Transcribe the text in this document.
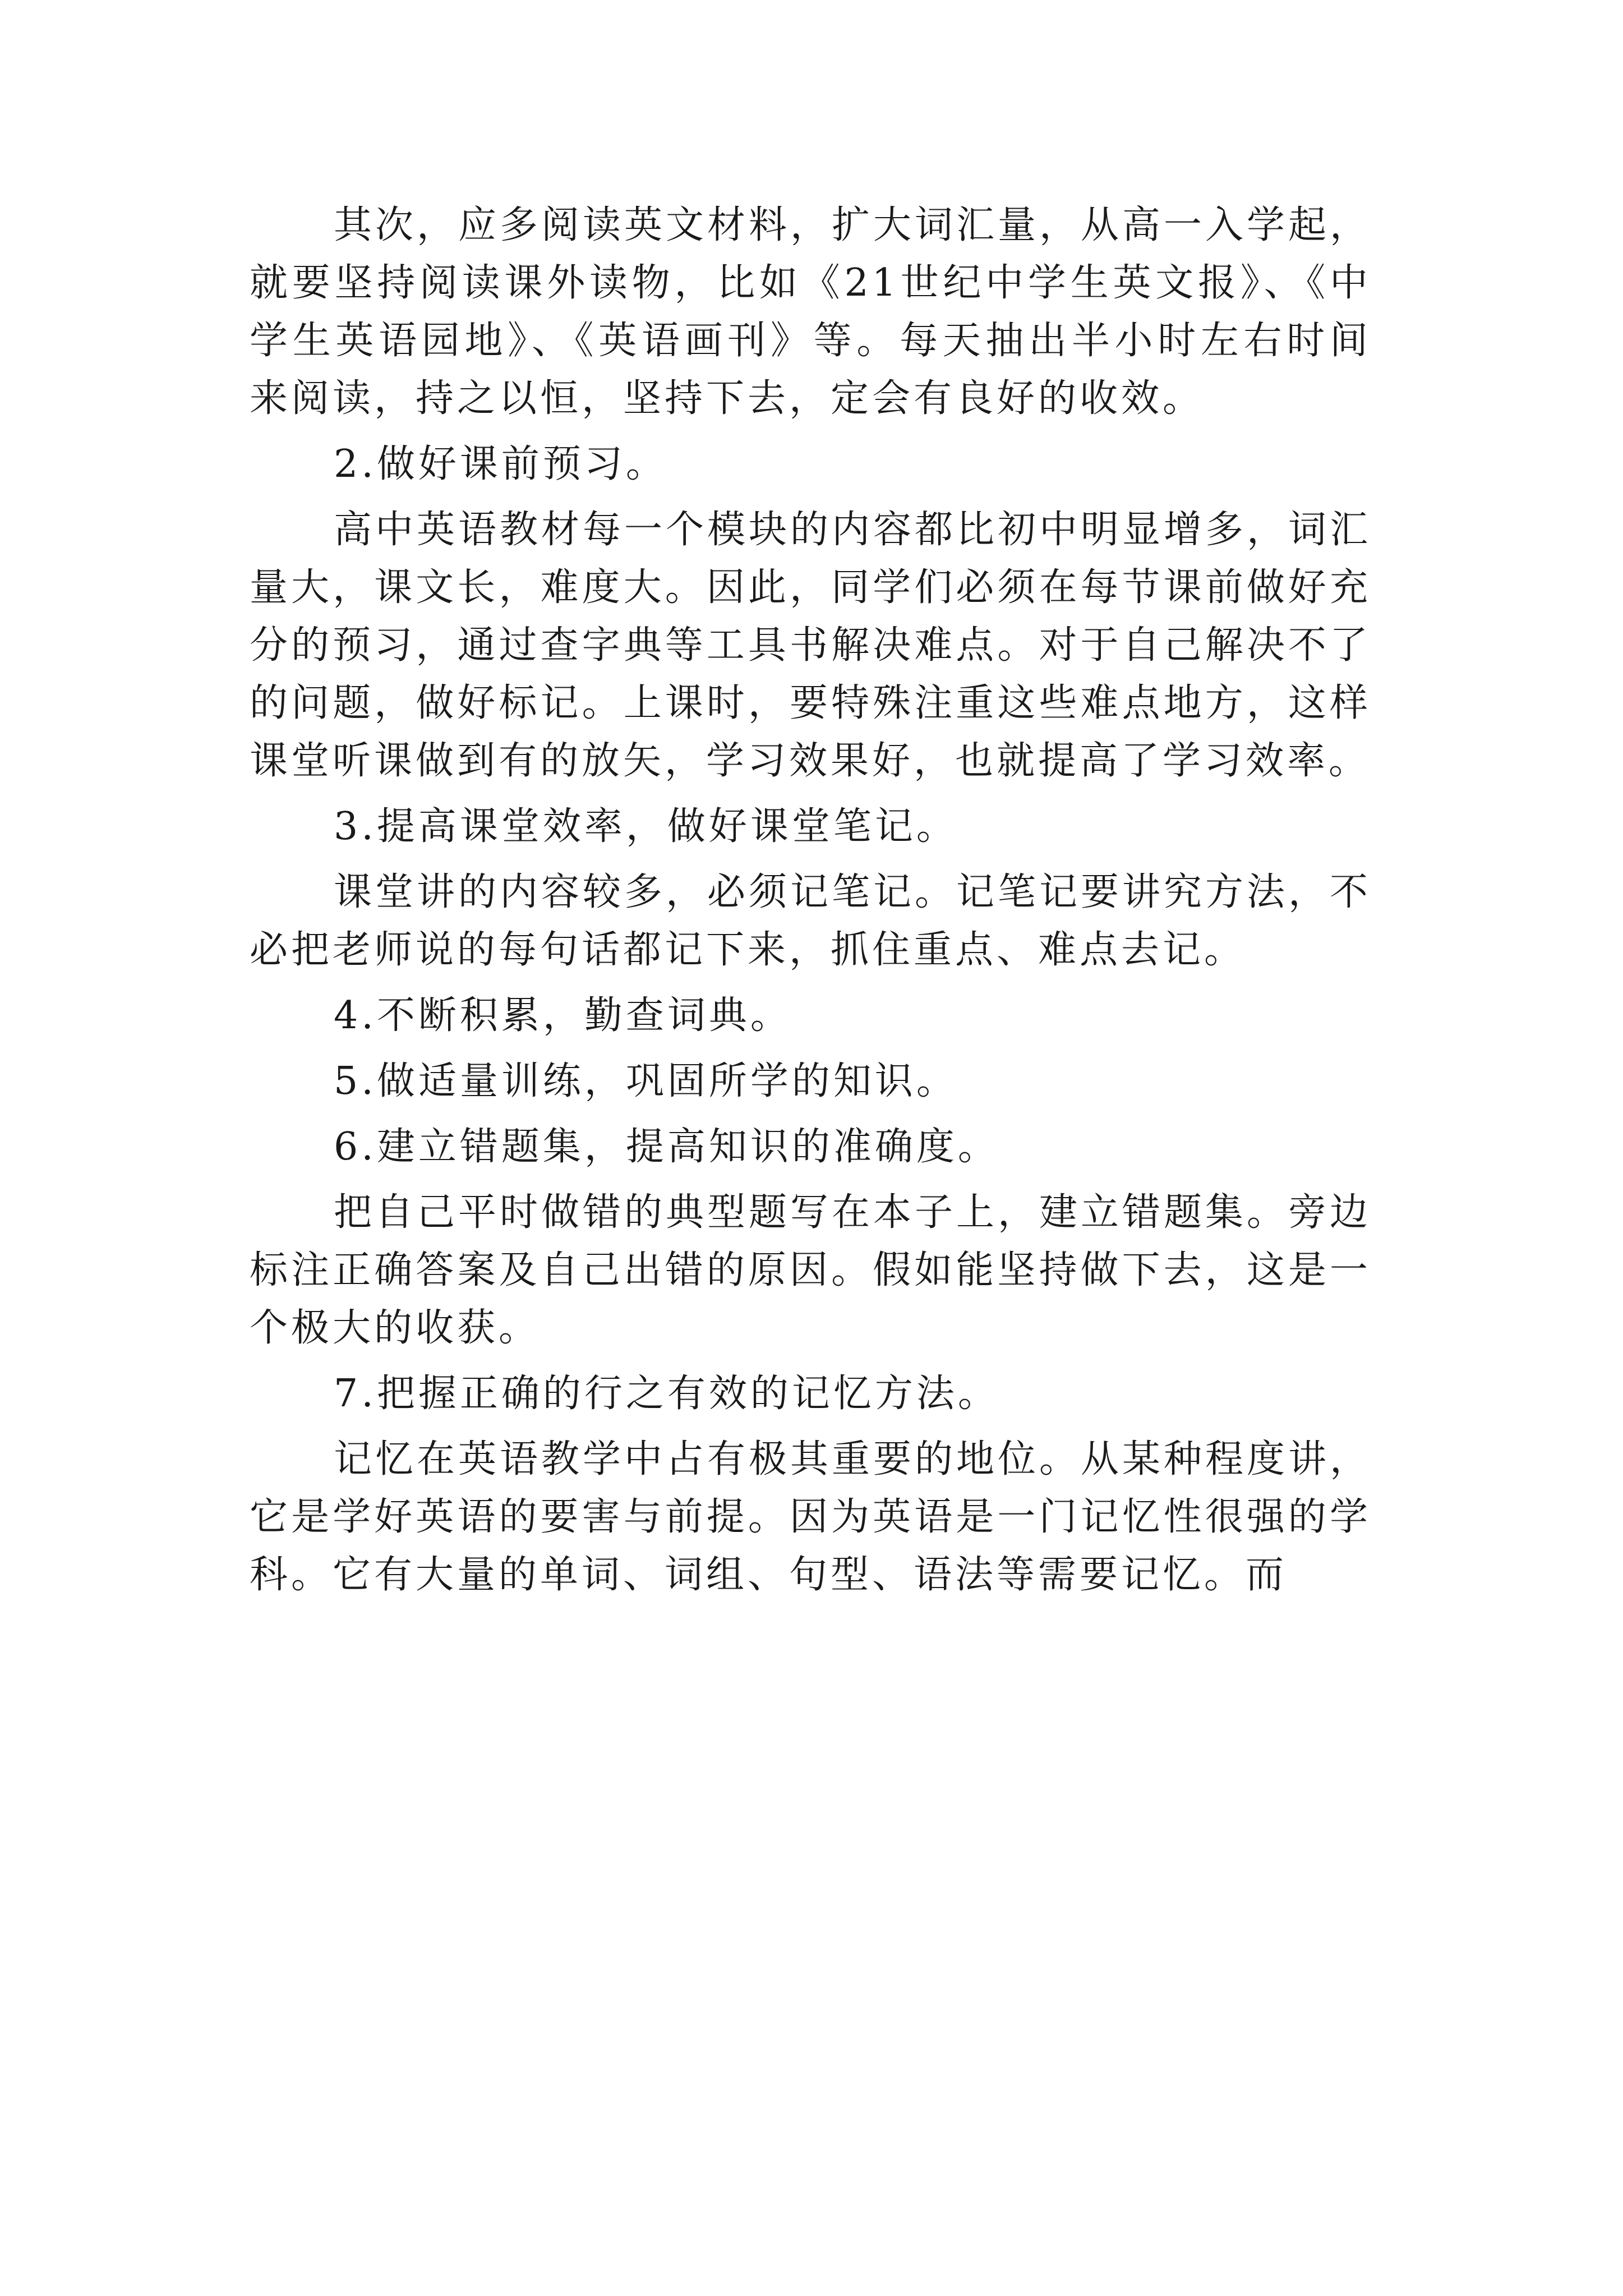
其次，应多阅读英文材料，扩大词汇量，从高一入学起，就要坚持阅读课外读物，比如《21世纪中学生英文报》、《中学生英语园地》、《英语画刊》等。每天抽出半小时左右时间来阅读，持之以恒，坚持下去，定会有良好的收效。

2.做好课前预习。

高中英语教材每一个模块的内容都比初中明显增多，词汇量大，课文长，难度大。因此，同学们必须在每节课前做好充分的预习，通过查字典等工具书解决难点。对于自己解决不了的问题，做好标记。上课时，要特殊注重这些难点地方，这样课堂听课做到有的放矢，学习效果好，也就提高了学习效率。

3.提高课堂效率，做好课堂笔记。

课堂讲的内容较多，必须记笔记。记笔记要讲究方法，不必把老师说的每句话都记下来，抓住重点、难点去记。

4.不断积累，勤查词典。

5.做适量训练，巩固所学的知识。

6.建立错题集，提高知识的准确度。

把自己平时做错的典型题写在本子上，建立错题集。旁边标注正确答案及自己出错的原因。假如能坚持做下去，这是一个极大的收获。

7.把握正确的行之有效的记忆方法。

记忆在英语教学中占有极其重要的地位。从某种程度讲，它是学好英语的要害与前提。因为英语是一门记忆性很强的学科。它有大量的单词、词组、句型、语法等需要记忆。而
